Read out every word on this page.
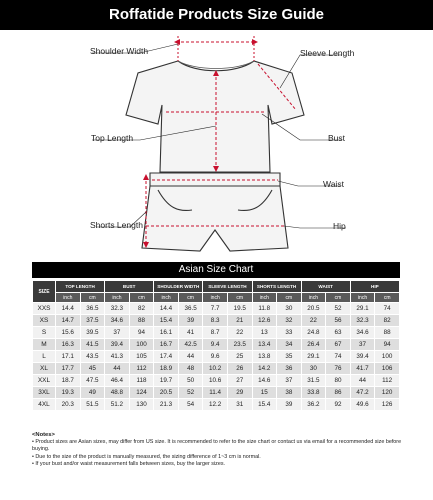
Roffatide Products Size Guide
Shoulder Width	Sleeve Length
Top Length	Bust
Waist
Shorts Length	Hip
Asian Size Chart
SIZE	TOP LENGTH		BUST		SHOULDER WIDTH		SLEEVE LENGTH		SHORTS LENGTH		WAIST		HIP	
	inch	cm	inch	cm	inch	cm	inch	cm	inch	cm	inch	cm	inch	cm
XXS	14.4	36.5	32.3	82	14.4	36.5	7.7	19.5	11.8	30	20.5	52	29.1	74
XS	14.7	37.5	34.6	88	15.4	39	8.3	21	12.6	32	22	56	32.3	82
S	15.6	39.5	37	94	16.1	41	8.7	22	13	33	24.8	63	34.6	88
M	16.3	41.5	39.4	100	16.7	42.5	9.4	23.5	13.4	34	26.4	67	37	94
L	17.1	43.5	41.3	105	17.4	44	9.6	25	13.8	35	29.1	74	39.4	100
XL	17.7	45	44	112	18.9	48	10.2	26	14.2	36	30	76	41.7	106
XXL	18.7	47.5	46.4	118	19.7	50	10.6	27	14.6	37	31.5	80	44	112
3XL	19.3	49	48.8	124	20.5	52	11.4	29	15	38	33.8	86	47.2	120
4XL	20.3	51.5	51.2	130	21.3	54	12.2	31	15.4	39	36.2	92	49.6	126
<Notes>
• Product sizes are Asian sizes, may differ from US size. It is recommended to refer to the size chart or contact us via email for a recommended size before buying.
• Due to the size of the product is manually measured, the sizing difference of 1~3 cm is normal.
• If your bust and/or waist measurement falls between sizes, buy the larger sizes.
